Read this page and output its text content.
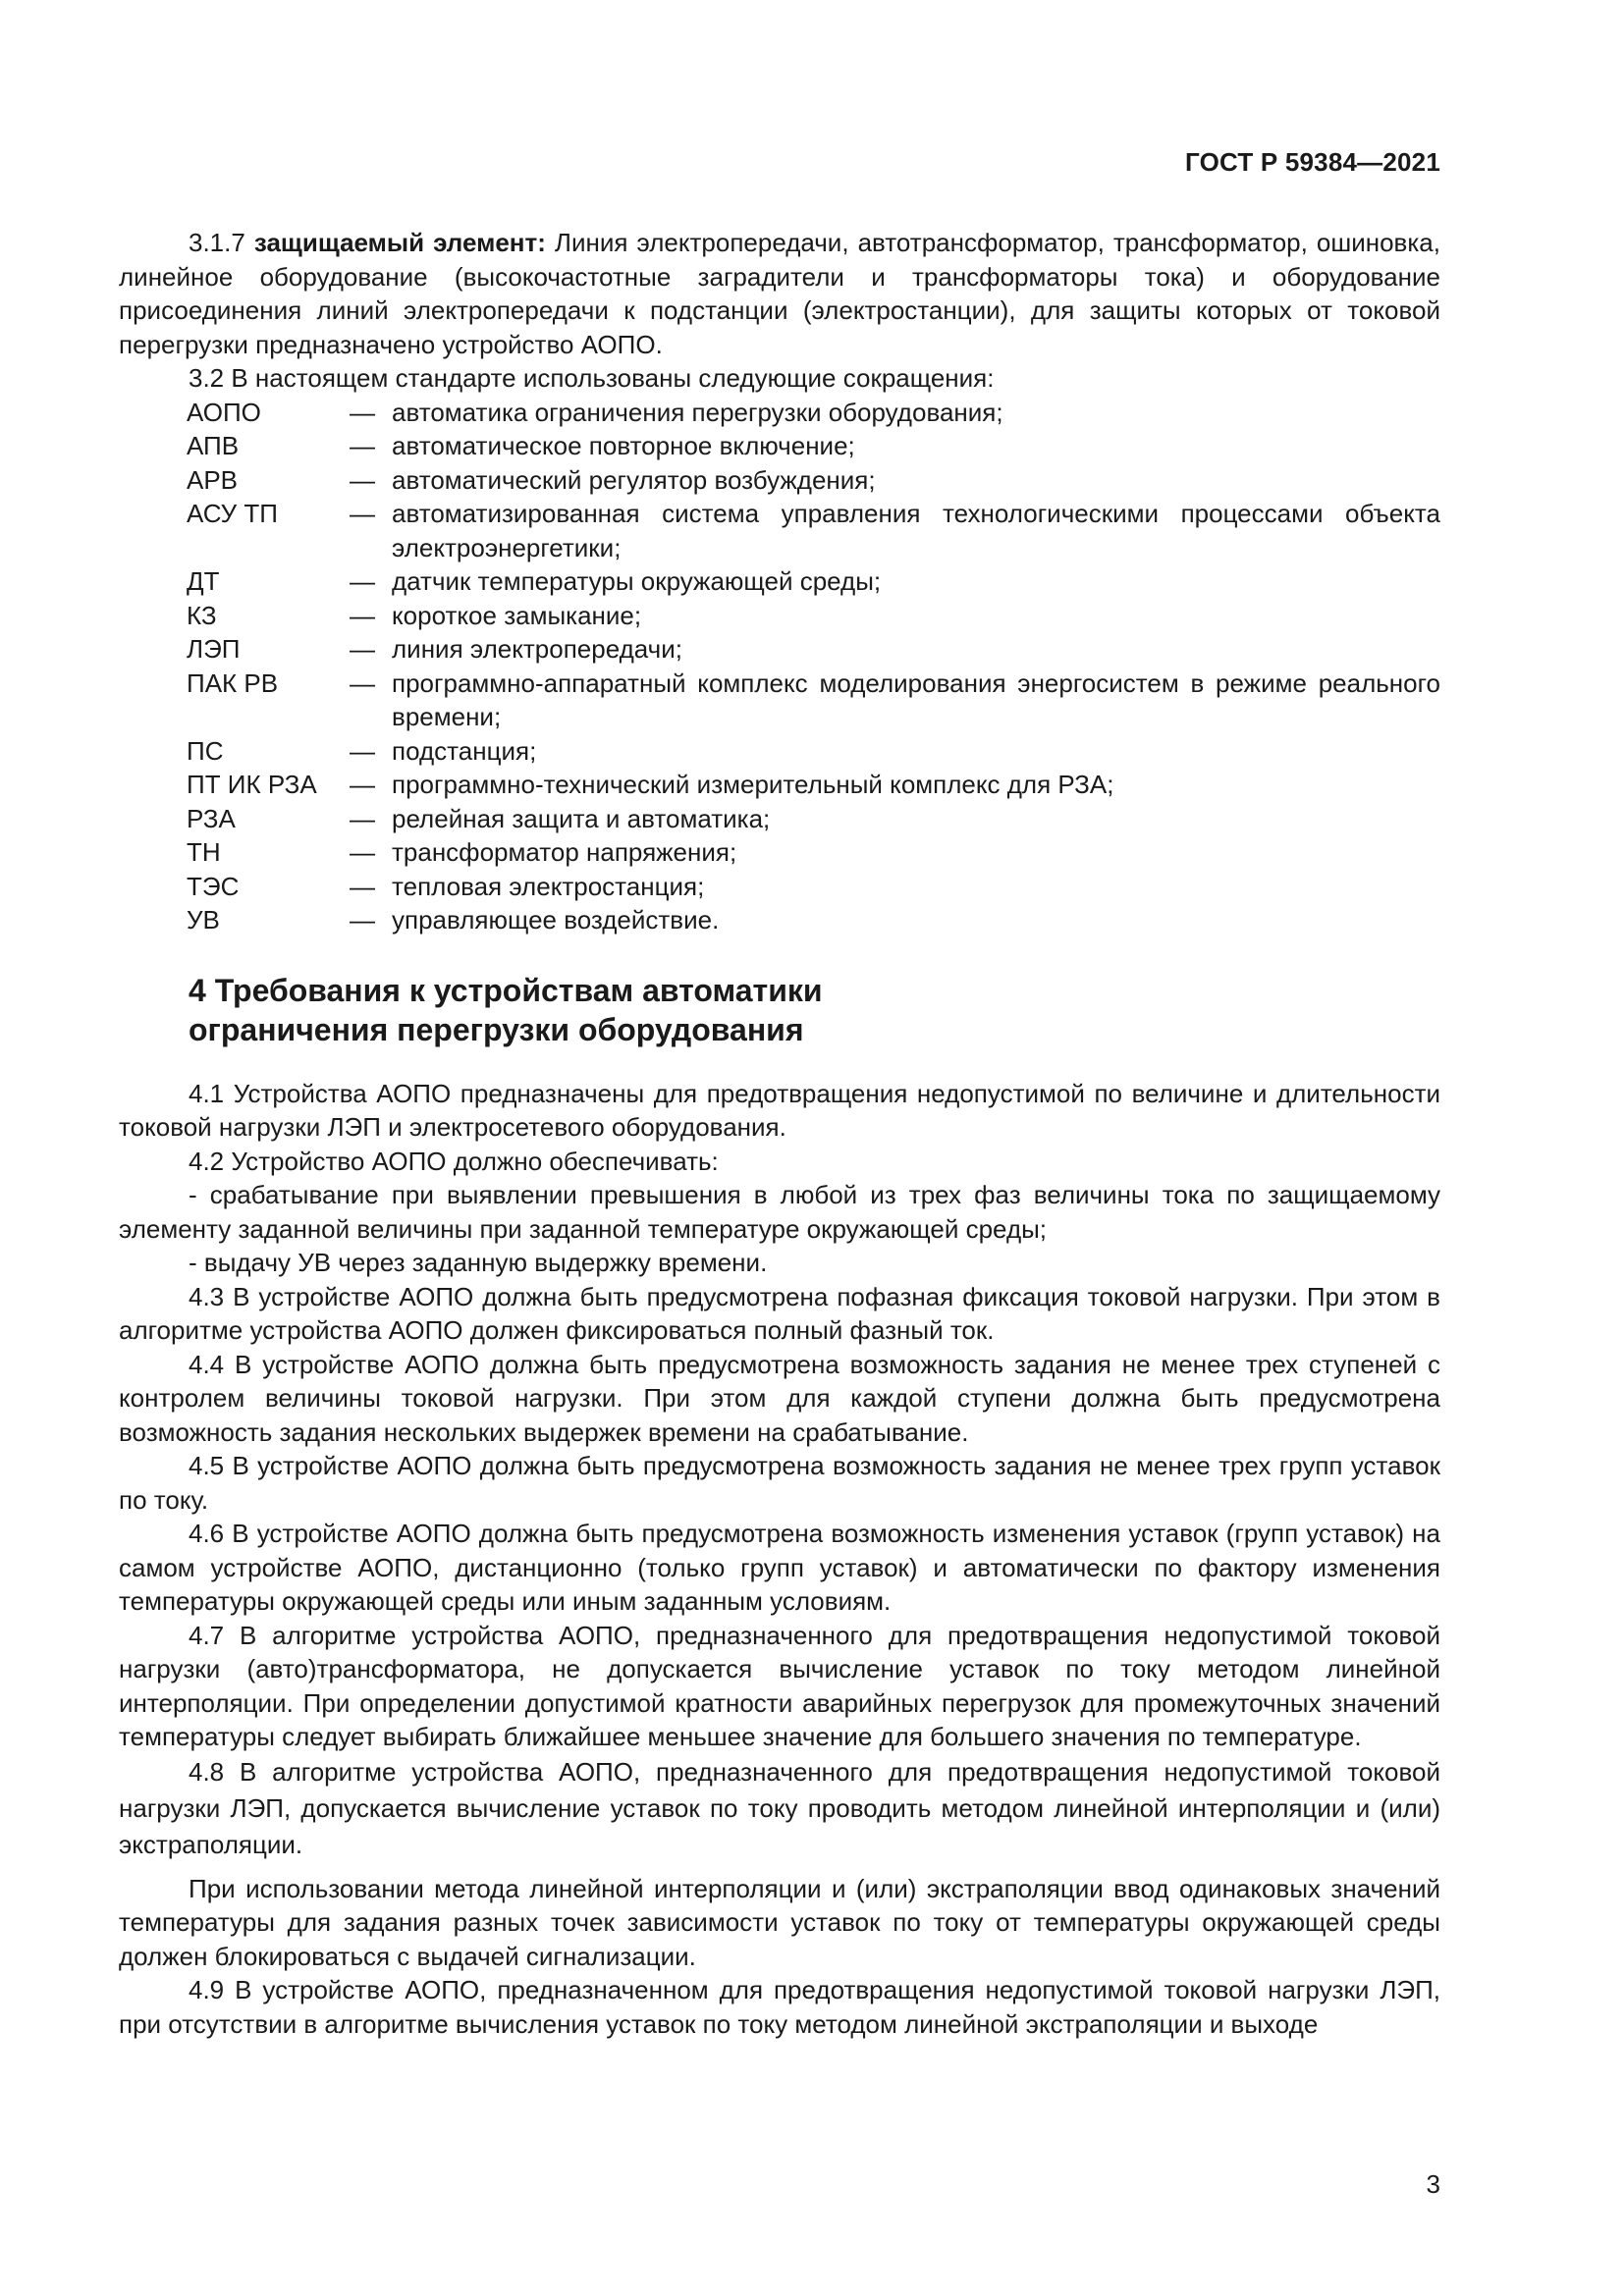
ГОСТ Р 59384—2021

3.1.7 защищаемый элемент: Линия электропередачи, автотрансформатор, трансформатор, ошиновка, линейное оборудование (высокочастотные заградители и трансформаторы тока) и оборудование присоединения линий электропередачи к подстанции (электростанции), для защиты которых от токовой перегрузки предназначено устройство АОПО.

3.2 В настоящем стандарте использованы следующие сокращения:

АОПО	— автоматика ограничения перегрузки оборудования;
АПВ	— автоматическое повторное включение;
АРВ	— автоматический регулятор возбуждения;
АСУ ТП	— автоматизированная система управления технологическими процессами объекта электроэнергетики;
ДТ	— датчик температуры окружающей среды;
КЗ	— короткое замыкание;
ЛЭП	— линия электропередачи;
ПАК РВ	— программно-аппаратный комплекс моделирования энергосистем в режиме реального времени;
ПС	— подстанция;
ПТ ИК РЗА	— программно-технический измерительный комплекс для РЗА;
РЗА	— релейная защита и автоматика;
ТН	— трансформатор напряжения;
ТЭС	— тепловая электростанция;
УВ	— управляющее воздействие.
4 Требования к устройствам автоматики
ограничения перегрузки оборудования

4.1 Устройства АОПО предназначены для предотвращения недопустимой по величине и длительности токовой нагрузки ЛЭП и электросетевого оборудования.

4.2 Устройство АОПО должно обеспечивать:

- срабатывание при выявлении превышения в любой из трех фаз величины тока по защищаемому элементу заданной величины при заданной температуре окружающей среды;

- выдачу УВ через заданную выдержку времени.

4.3 В устройстве АОПО должна быть предусмотрена пофазная фиксация токовой нагрузки. При этом в алгоритме устройства АОПО должен фиксироваться полный фазный ток.

4.4 В устройстве АОПО должна быть предусмотрена возможность задания не менее трех ступеней с контролем величины токовой нагрузки. При этом для каждой ступени должна быть предусмотрена возможность задания нескольких выдержек времени на срабатывание.

4.5 В устройстве АОПО должна быть предусмотрена возможность задания не менее трех групп уставок по току.

4.6 В устройстве АОПО должна быть предусмотрена возможность изменения уставок (групп уставок) на самом устройстве АОПО, дистанционно (только групп уставок) и автоматически по фактору изменения температуры окружающей среды или иным заданным условиям.

4.7 В алгоритме устройства АОПО, предназначенного для предотвращения недопустимой токовой нагрузки (авто)трансформатора, не допускается вычисление уставок по току методом линейной интерполяции. При определении допустимой кратности аварийных перегрузок для промежуточных значений температуры следует выбирать ближайшее меньшее значение для большего значения по температуре.

4.8 В алгоритме устройства АОПО, предназначенного для предотвращения недопустимой токовой нагрузки ЛЭП, допускается вычисление уставок по току проводить методом линейной интерполяции и (или) экстраполяции.

При использовании метода линейной интерполяции и (или) экстраполяции ввод одинаковых значений температуры для задания разных точек зависимости уставок по току от температуры окружающей среды должен блокироваться с выдачей сигнализации.

4.9 В устройстве АОПО, предназначенном для предотвращения недопустимой токовой нагрузки ЛЭП, при отсутствии в алгоритме вычисления уставок по току методом линейной экстраполяции и выходе

3
